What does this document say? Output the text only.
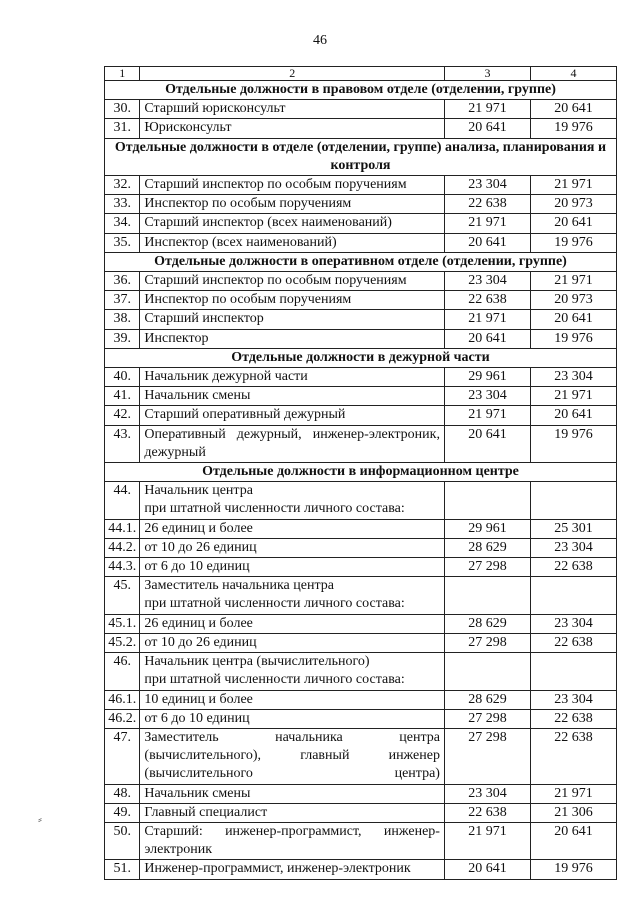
46
1	2	3	4
Отдельные должности в правовом отделе (отделении, группе)			
30.	Старший юрисконсульт	21 971	20 641
31.	Юрисконсульт	20 641	19 976
Отдельные должности в отделе (отделении, группе) анализа, планирования и контроля			
32.	Старший инспектор по особым поручениям	23 304	21 971
33.	Инспектор по особым поручениям	22 638	20 973
34.	Старший инспектор (всех наименований)	21 971	20 641
35.	Инспектор (всех наименований)	20 641	19 976
Отдельные должности в оперативном отделе (отделении, группе)			
36.	Старший инспектор по особым поручениям	23 304	21 971
37.	Инспектор по особым поручениям	22 638	20 973
38.	Старший инспектор	21 971	20 641
39.	Инспектор	20 641	19 976
Отдельные должности в дежурной части			
40.	Начальник дежурной части	29 961	23 304
41.	Начальник смены	23 304	21 971
42.	Старший оперативный дежурный	21 971	20 641
43.	Оперативный дежурный, инженер-электроник, дежурный	20 641	19 976
Отдельные должности в информационном центре			
44.	Начальник центра
при штатной численности личного состава:		
44.1.	26 единиц и более	29 961	25 301
44.2.	от 10 до 26 единиц	28 629	23 304
44.3.	от 6 до 10 единиц	27 298	22 638
45.	Заместитель начальника центра
при штатной численности личного состава:		
45.1.	26 единиц и более	28 629	23 304
45.2.	от 10 до 26 единиц	27 298	22 638
46.	Начальник центра (вычислительного)
при штатной численности личного состава:		
46.1.	10 единиц и более	28 629	23 304
46.2.	от 6 до 10 единиц	27 298	22 638
47.	Заместитель начальника центра (вычислительного), главный инженер (вычислительного центра)	27 298	22 638
48.	Начальник смены	23 304	21 971
49.	Главный специалист	22 638	21 306
50.	Старший: инженер-программист, инженер-электроник	21 971	20 641
51.	Инженер-программист, инженер-электроник	20 641	19 976
⸗
